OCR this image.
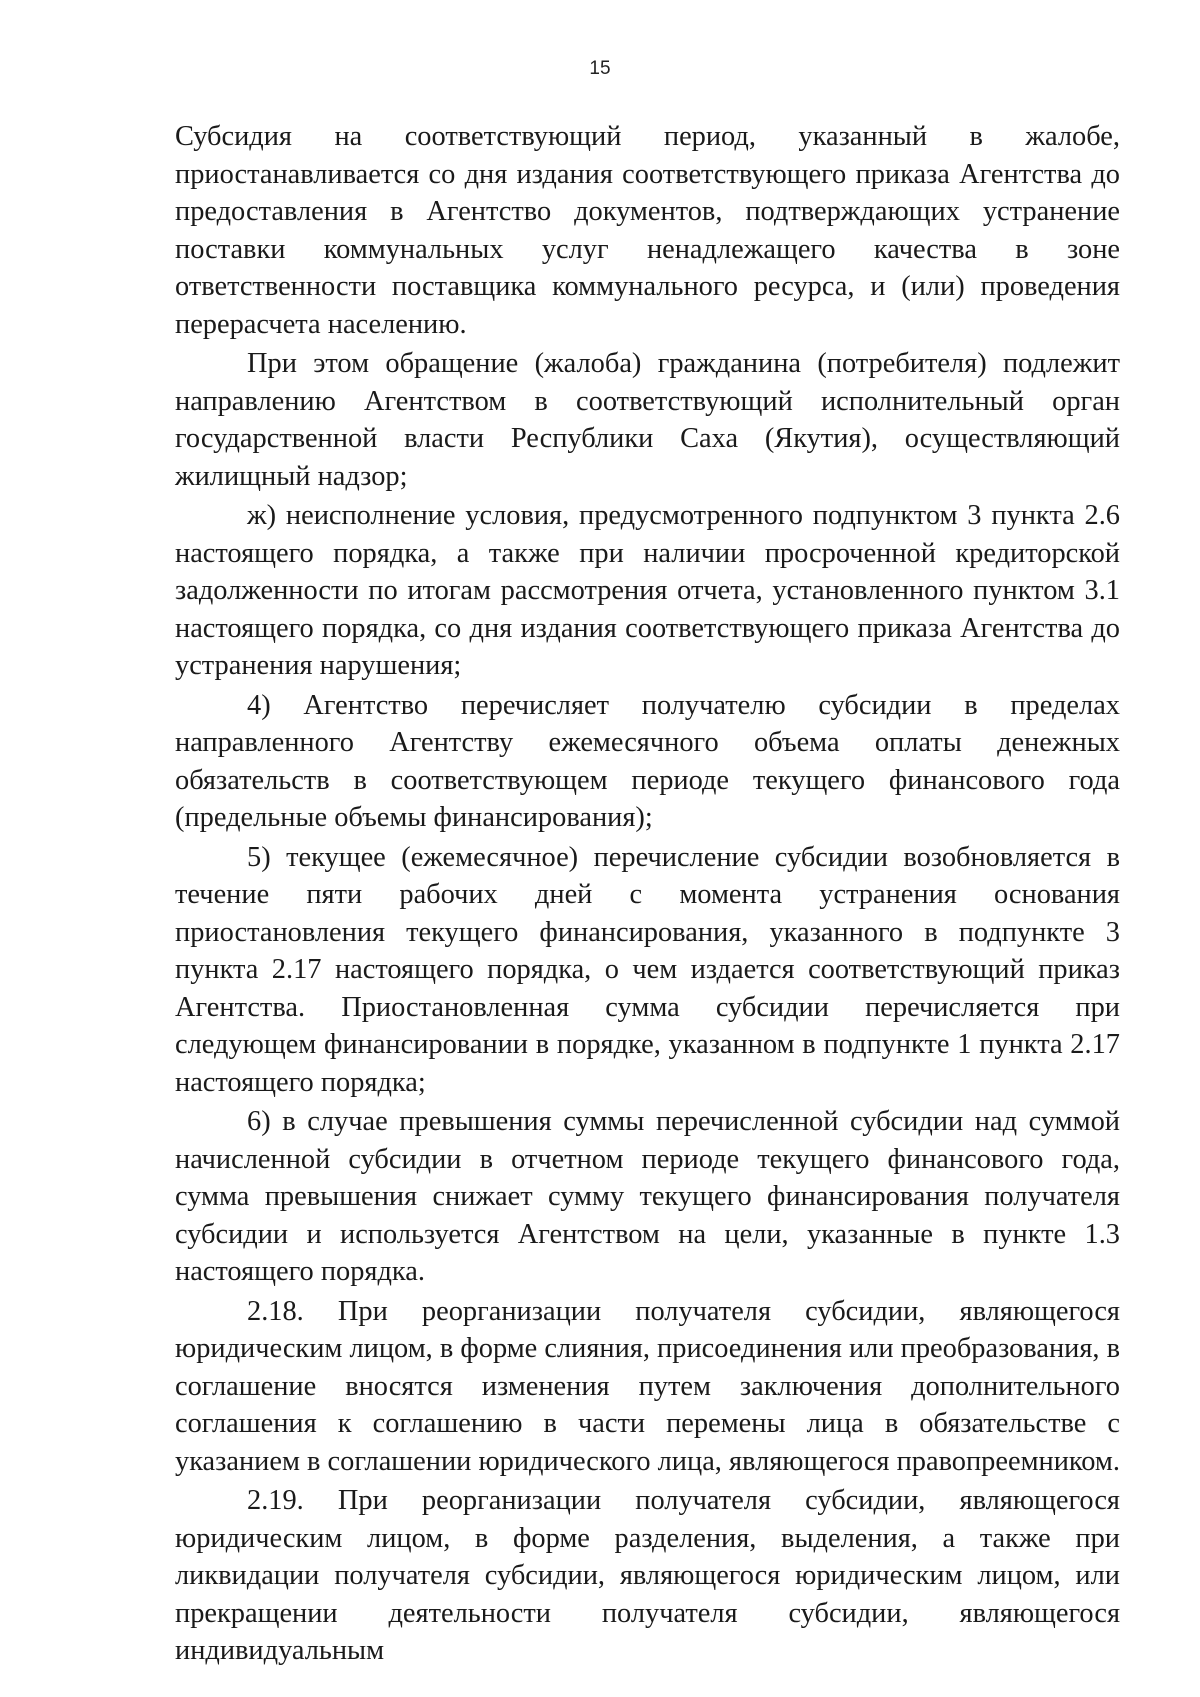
15

Субсидия на соответствующий период, указанный в жалобе, приостанавливается со дня издания соответствующего приказа Агентства до предоставления в Агентство документов, подтверждающих устранение поставки коммунальных услуг ненадлежащего качества в зоне ответственности поставщика коммунального ресурса, и (или) проведения перерасчета населению.

При этом обращение (жалоба) гражданина (потребителя) подлежит направлению Агентством в соответствующий исполнительный орган государственной власти Республики Саха (Якутия), осуществляющий жилищный надзор;

ж) неисполнение условия, предусмотренного подпунктом 3 пункта 2.6 настоящего порядка, а также при наличии просроченной кредиторской задолженности по итогам рассмотрения отчета, установленного пунктом 3.1 настоящего порядка, со дня издания соответствующего приказа Агентства до устранения нарушения;

4) Агентство перечисляет получателю субсидии в пределах направленного Агентству ежемесячного объема оплаты денежных обязательств в соответствующем периоде текущего финансового года (предельные объемы финансирования);

5) текущее (ежемесячное) перечисление субсидии возобновляется в течение пяти рабочих дней с момента устранения основания приостановления текущего финансирования, указанного в подпункте 3 пункта 2.17 настоящего порядка, о чем издается соответствующий приказ Агентства. Приостановленная сумма субсидии перечисляется при следующем финансировании в порядке, указанном в подпункте 1 пункта 2.17 настоящего порядка;

6) в случае превышения суммы перечисленной субсидии над суммой начисленной субсидии в отчетном периоде текущего финансового года, сумма превышения снижает сумму текущего финансирования получателя субсидии и используется Агентством на цели, указанные в пункте 1.3 настоящего порядка.

2.18. При реорганизации получателя субсидии, являющегося юридическим лицом, в форме слияния, присоединения или преобразования, в соглашение вносятся изменения путем заключения дополнительного соглашения к соглашению в части перемены лица в обязательстве с указанием в соглашении юридического лица, являющегося правопреемником.

2.19. При реорганизации получателя субсидии, являющегося юридическим лицом, в форме разделения, выделения, а также при ликвидации получателя субсидии, являющегося юридическим лицом, или прекращении деятельности получателя субсидии, являющегося индивидуальным
